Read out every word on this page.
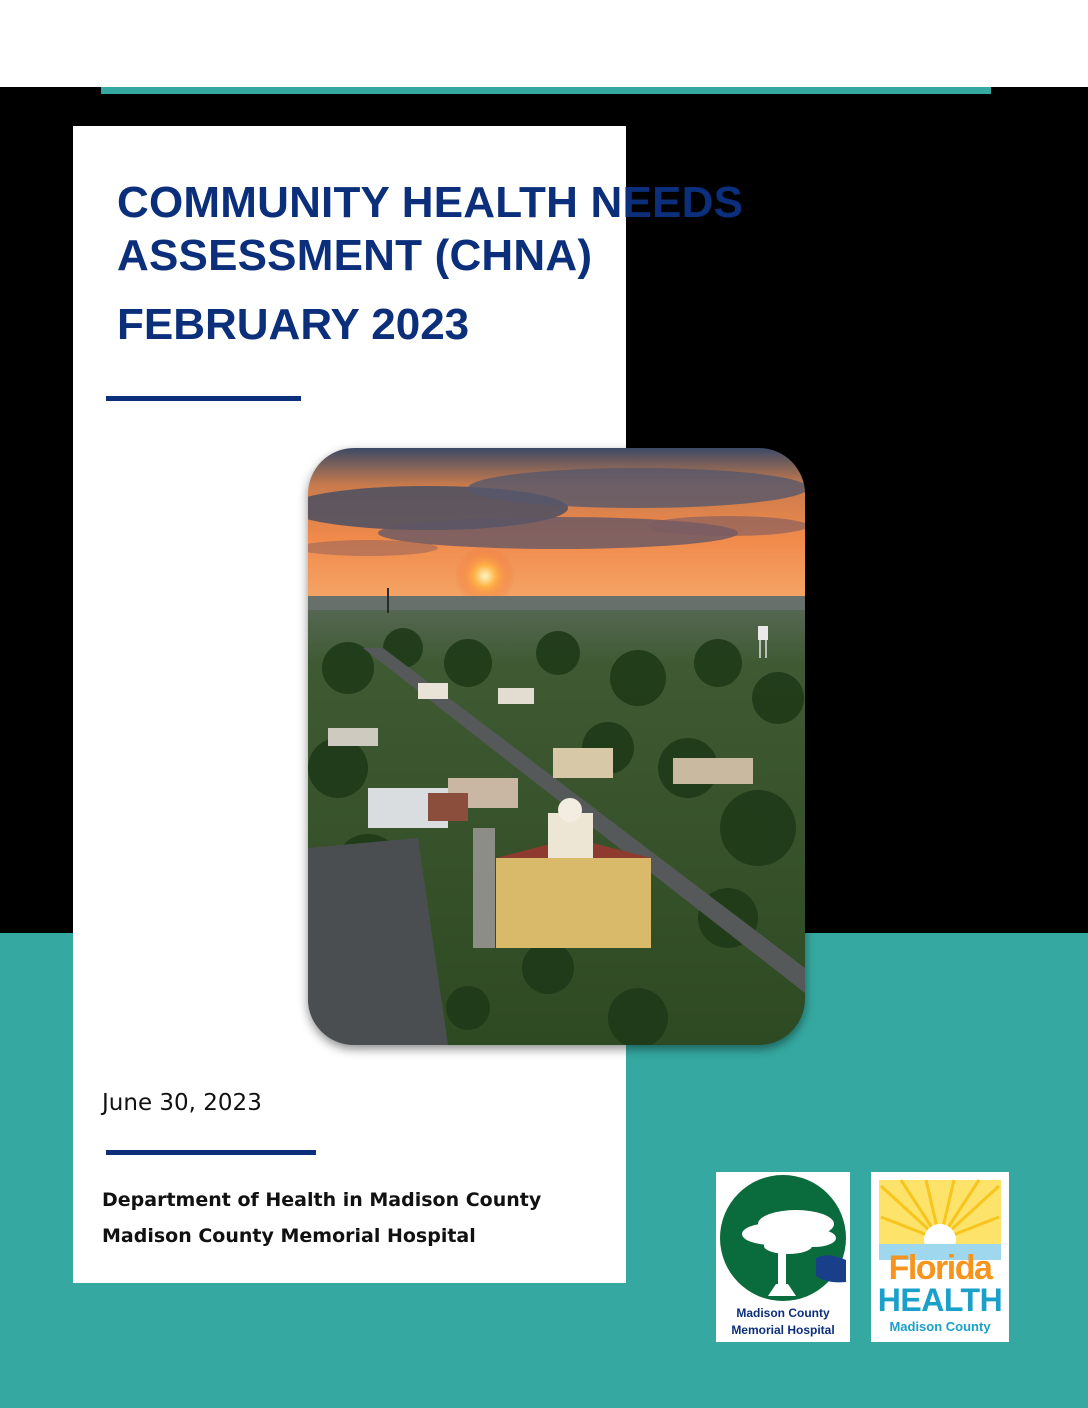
COMMUNITY HEALTH NEEDS
ASSESSMENT (CHNA)
FEBRUARY 2023

June 30, 2023

Department of Health in Madison County

Madison County Memorial Hospital

Madison County
Memorial Hospital
Florida
HEALTH
Madison County
